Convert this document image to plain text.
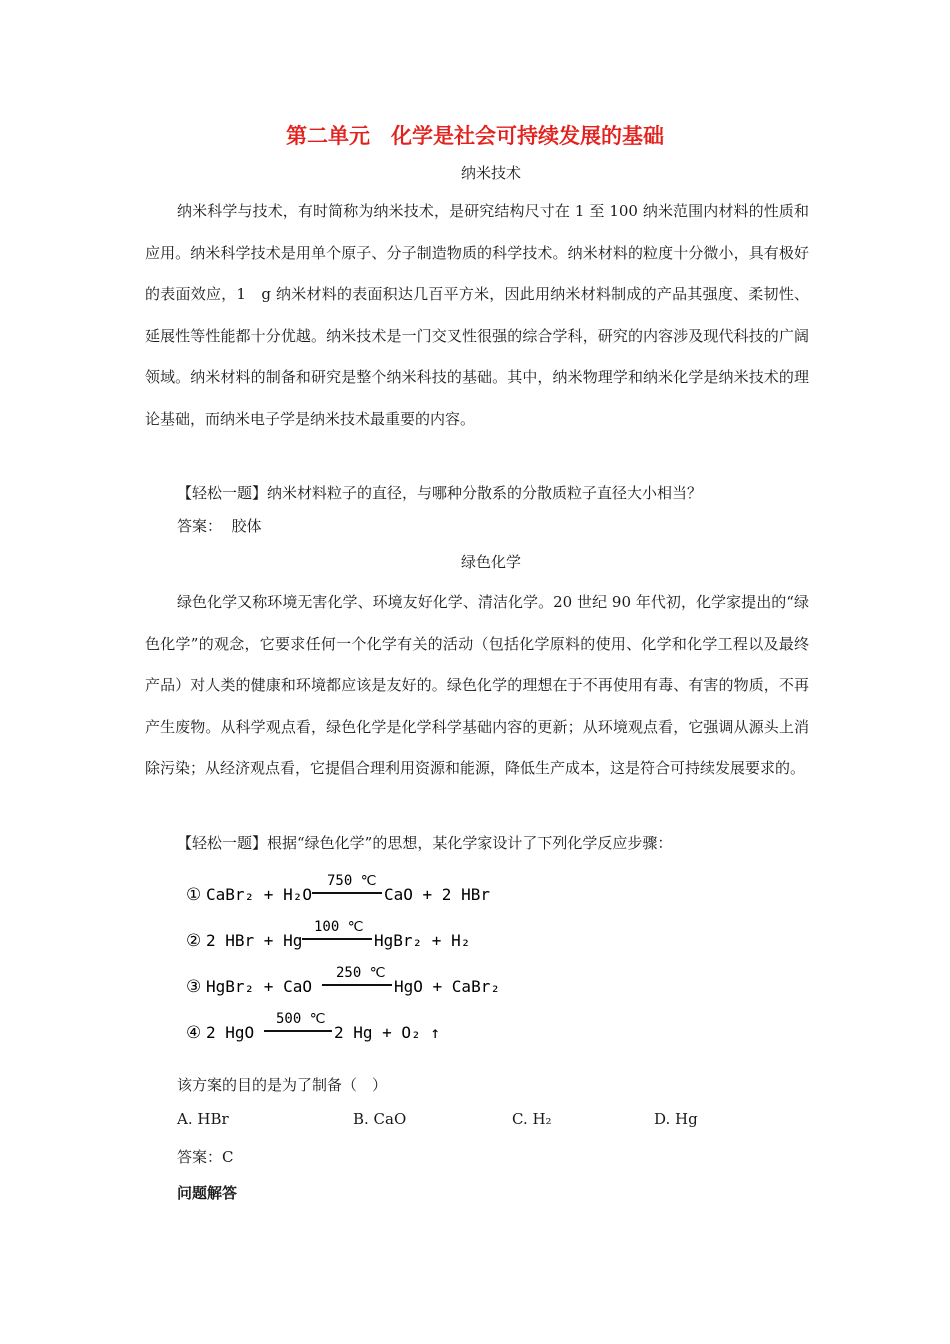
第二单元　化学是社会可持续发展的基础
纳米技术

纳米科学与技术，有时简称为纳米技术，是研究结构尺寸在 1 至 100 纳米范围内材料的性质和应用。纳米科学技术是用单个原子、分子制造物质的科学技术。纳米材料的粒度十分微小，具有极好的表面效应，1　g 纳米材料的表面积达几百平方米，因此用纳米材料制成的产品其强度、柔韧性、延展性等性能都十分优越。纳米技术是一门交叉性很强的综合学科，研究的内容涉及现代科技的广阔领域。纳米材料的制备和研究是整个纳米科技的基础。其中，纳米物理学和纳米化学是纳米技术的理论基础，而纳米电子学是纳米技术最重要的内容。

【轻松一题】纳米材料粒子的直径，与哪种分散系的分散质粒子直径大小相当？
答案：  胶体
绿色化学

绿色化学又称环境无害化学、环境友好化学、清洁化学。20 世纪 90 年代初，化学家提出的“绿色化学”的观念，它要求任何一个化学有关的活动（包括化学原料的使用、化学和化学工程以及最终产品）对人类的健康和环境都应该是友好的。绿色化学的理想在于不再使用有毒、有害的物质，不再产生废物。从科学观点看，绿色化学是化学科学基础内容的更新；从环境观点看，它强调从源头上消除污染；从经济观点看，它提倡合理利用资源和能源，降低生产成本，这是符合可持续发展要求的。

【轻松一题】根据“绿色化学”的思想，某化学家设计了下列化学反应步骤：
① CaBr₂ + H₂O
750 ℃
CaO + 2 HBr
② 2 HBr + Hg
100 ℃
HgBr₂ + H₂
③ HgBr₂ + CaO
250 ℃
HgO + CaBr₂
④ 2 HgO
500 ℃
2 Hg + O₂ ↑
该方案的目的是为了制备（　）
A. HBr	B. CaO	C. H₂	D. Hg
答案：C
问题解答
